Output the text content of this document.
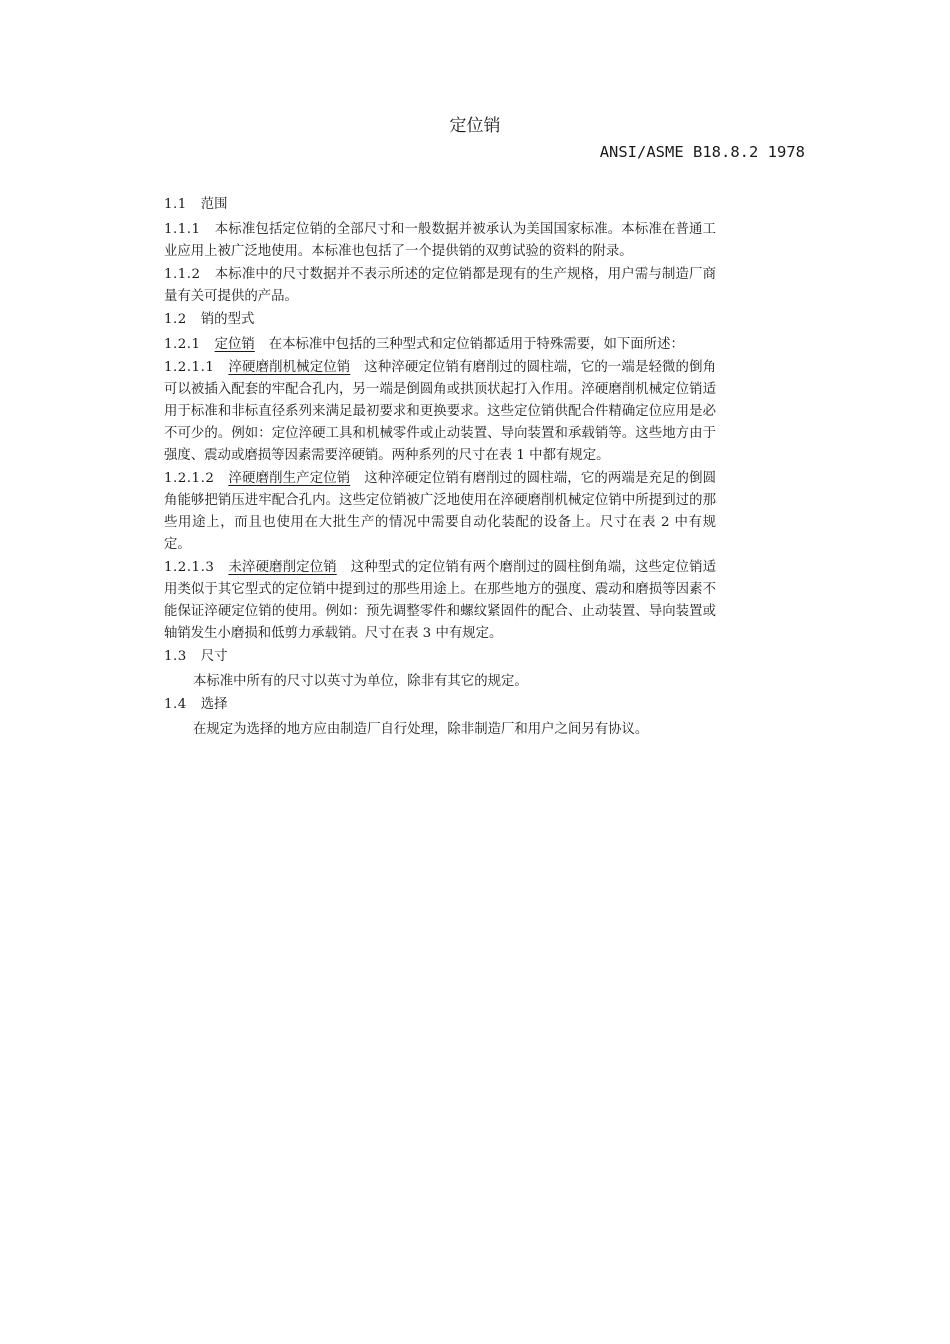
定位销
ANSI/ASME B18.8.2 1978

1.1 范围

1.1.1 本标准包括定位销的全部尺寸和一般数据并被承认为美国国家标准。本标准在普通工业应用上被广泛地使用。本标准也包括了一个提供销的双剪试验的资料的附录。

1.1.2 本标准中的尺寸数据并不表示所述的定位销都是现有的生产规格，用户需与制造厂商量有关可提供的产品。

1.2 销的型式

1.2.1 定位销 在本标准中包括的三种型式和定位销都适用于特殊需要，如下面所述：

1.2.1.1 淬硬磨削机械定位销 这种淬硬定位销有磨削过的圆柱端，它的一端是轻微的倒角可以被插入配套的牢配合孔内，另一端是倒圆角或拱顶状起打入作用。淬硬磨削机械定位销适用于标准和非标直径系列来满足最初要求和更换要求。这些定位销供配合件精确定位应用是必不可少的。例如：定位淬硬工具和机械零件或止动装置、导向装置和承载销等。这些地方由于强度、震动或磨损等因素需要淬硬销。两种系列的尺寸在表 1 中都有规定。

1.2.1.2 淬硬磨削生产定位销 这种淬硬定位销有磨削过的圆柱端，它的两端是充足的倒圆角能够把销压进牢配合孔内。这些定位销被广泛地使用在淬硬磨削机械定位销中所提到过的那些用途上，而且也使用在大批生产的情况中需要自动化装配的设备上。尺寸在表 2 中有规定。

1.2.1.3 未淬硬磨削定位销 这种型式的定位销有两个磨削过的圆柱倒角端，这些定位销适用类似于其它型式的定位销中提到过的那些用途上。在那些地方的强度、震动和磨损等因素不能保证淬硬定位销的使用。例如：预先调整零件和螺纹紧固件的配合、止动装置、导向装置或轴销发生小磨损和低剪力承载销。尺寸在表 3 中有规定。

1.3 尺寸

本标准中所有的尺寸以英寸为单位，除非有其它的规定。

1.4 选择

在规定为选择的地方应由制造厂自行处理，除非制造厂和用户之间另有协议。
